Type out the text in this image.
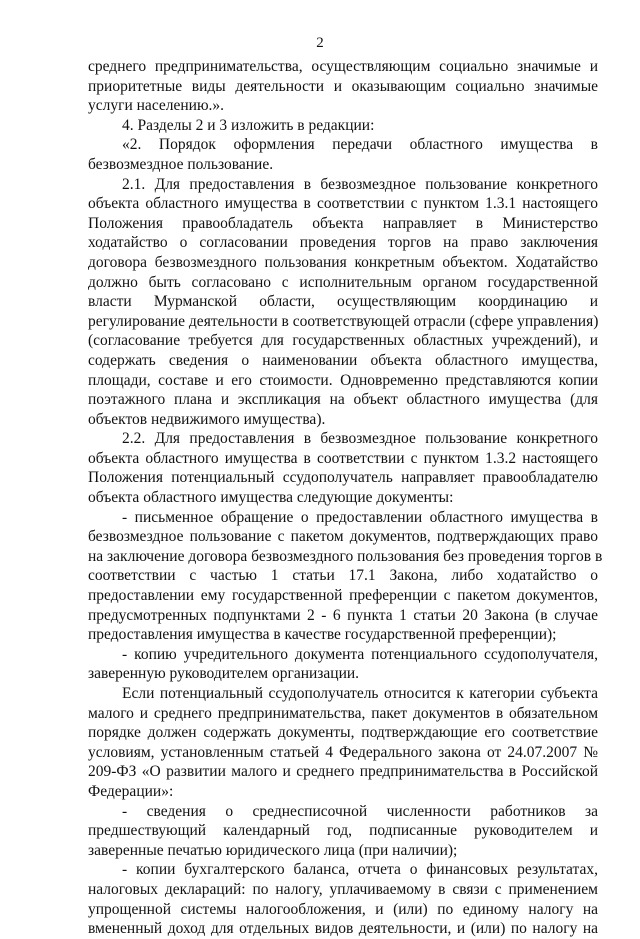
2
среднего предпринимательства, осуществляющим социально значимые и
приоритетные виды деятельности и оказывающим социально значимые
услуги населению.».
4. Разделы 2 и 3 изложить в редакции:
«2. Порядок оформления передачи областного имущества в
безвозмездное пользование.
2.1. Для предоставления в безвозмездное пользование конкретного
объекта областного имущества в соответствии с пунктом 1.3.1 настоящего
Положения правообладатель объекта направляет в Министерство
ходатайство о согласовании проведения торгов на право заключения
договора безвозмездного пользования конкретным объектом. Ходатайство
должно быть согласовано с исполнительным органом государственной
власти Мурманской области, осуществляющим координацию и
регулирование деятельности в соответствующей отрасли (сфере управления)
(согласование требуется для государственных областных учреждений), и
содержать сведения о наименовании объекта областного имущества,
площади, составе и его стоимости. Одновременно представляются копии
поэтажного плана и экспликация на объект областного имущества (для
объектов недвижимого имущества).
2.2. Для предоставления в безвозмездное пользование конкретного
объекта областного имущества в соответствии с пунктом 1.3.2 настоящего
Положения потенциальный ссудополучатель направляет правообладателю
объекта областного имущества следующие документы:
- письменное обращение о предоставлении областного имущества в
безвозмездное пользование с пакетом документов, подтверждающих право
на заключение договора безвозмездного пользования без проведения торгов в
соответствии с частью 1 статьи 17.1 Закона, либо ходатайство о
предоставлении ему государственной преференции с пакетом документов,
предусмотренных подпунктами 2 - 6 пункта 1 статьи 20 Закона (в случае
предоставления имущества в качестве государственной преференции);
- копию учредительного документа потенциального ссудополучателя,
заверенную руководителем организации.
Если потенциальный ссудополучатель относится к категории субъекта
малого и среднего предпринимательства, пакет документов в обязательном
порядке должен содержать документы, подтверждающие его соответствие
условиям, установленным статьей 4 Федерального закона от 24.07.2007 №
209-ФЗ «О развитии малого и среднего предпринимательства в Российской
Федерации»:
- сведения о среднесписочной численности работников за
предшествующий календарный год, подписанные руководителем и
заверенные печатью юридического лица (при наличии);
- копии бухгалтерского баланса, отчета о финансовых результатах,
налоговых деклараций: по налогу, уплачиваемому в связи с применением
упрощенной системы налогообложения, и (или) по единому налогу на
вмененный доход для отдельных видов деятельности, и (или) по налогу на
